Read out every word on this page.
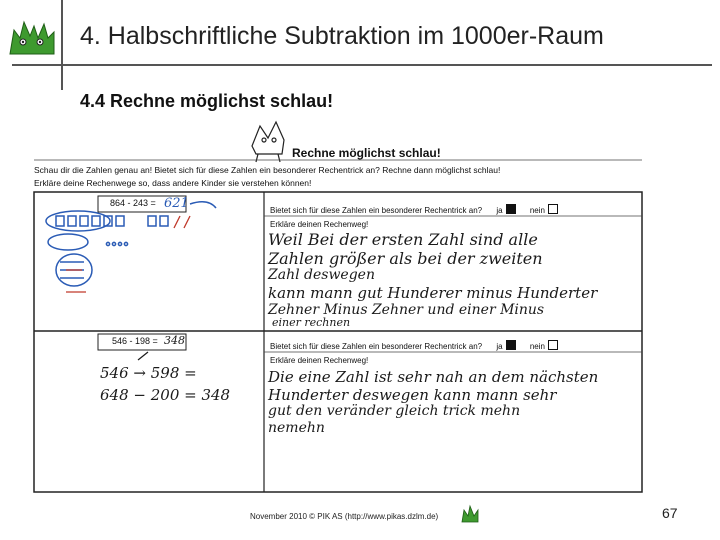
4. Halbschriftliche Subtraktion im 1000er-Raum
4.4 Rechne möglichst schlau!
Rechne möglichst schlau!
Schau dir die Zahlen genau an! Bietet sich für diese Zahlen ein besonderer Rechentrick an? Rechne dann möglichst schlau!
Erkläre deine Rechenwege so, dass andere Kinder sie verstehen können!
864 - 243 = 621	Bietet sich für diese Zahlen ein besonderer Rechentrick an? ja	nein
Erkläre deinen Rechenweg!
Weil Bei der ersten Zahl sind alle
Zahlen größer als bei der zweiten
Zahl deswegen
kann mann gut Hunderer minus Hunderter
Zehner Minus Zehner und einer Minus
einer rechnen
546 - 198 = 348
546 → 598 =
648 − 200 = 348
Bietet sich für diese Zahlen ein besonderer Rechentrick an? ja	nein
Erkläre deinen Rechenweg!
Die eine Zahl ist sehr nah an dem nächsten
Hunderter deswegen kann mann sehr
gut den veränder gleich trick mehn
nemehn
November 2010 © PIK AS (http://www.pikas.dzlm.de)	67
